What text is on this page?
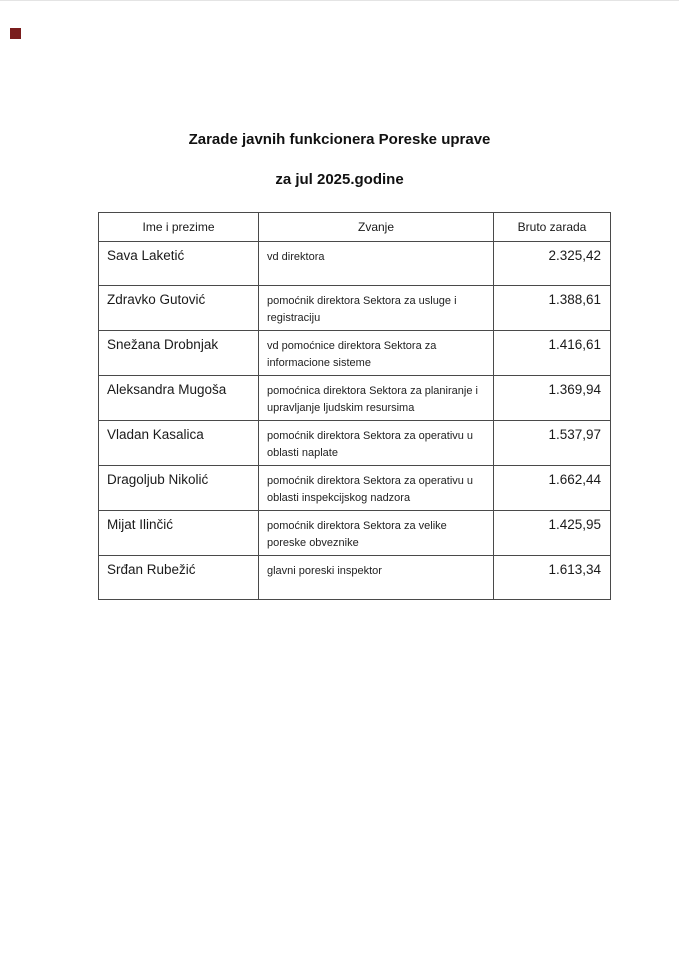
Zarade javnih funkcionera Poreske uprave
za jul 2025.godine
Ime i prezime	Zvanje	Bruto zarada
Sava Laketić	vd direktora	2.325,42
Zdravko Gutović	pomoćnik direktora Sektora za usluge i registraciju	1.388,61
Snežana Drobnjak	vd pomoćnice direktora Sektora za informacione sisteme	1.416,61
Aleksandra Mugoša	pomoćnica direktora Sektora za planiranje i upravljanje ljudskim resursima	1.369,94
Vladan Kasalica	pomoćnik direktora Sektora za operativu u oblasti naplate	1.537,97
Dragoljub Nikolić	pomoćnik direktora Sektora za operativu u oblasti inspekcijskog nadzora	1.662,44
Mijat Ilinčić	pomoćnik direktora Sektora za velike poreske obveznike	1.425,95
Srđan Rubežić	glavni poreski inspektor	1.613,34
